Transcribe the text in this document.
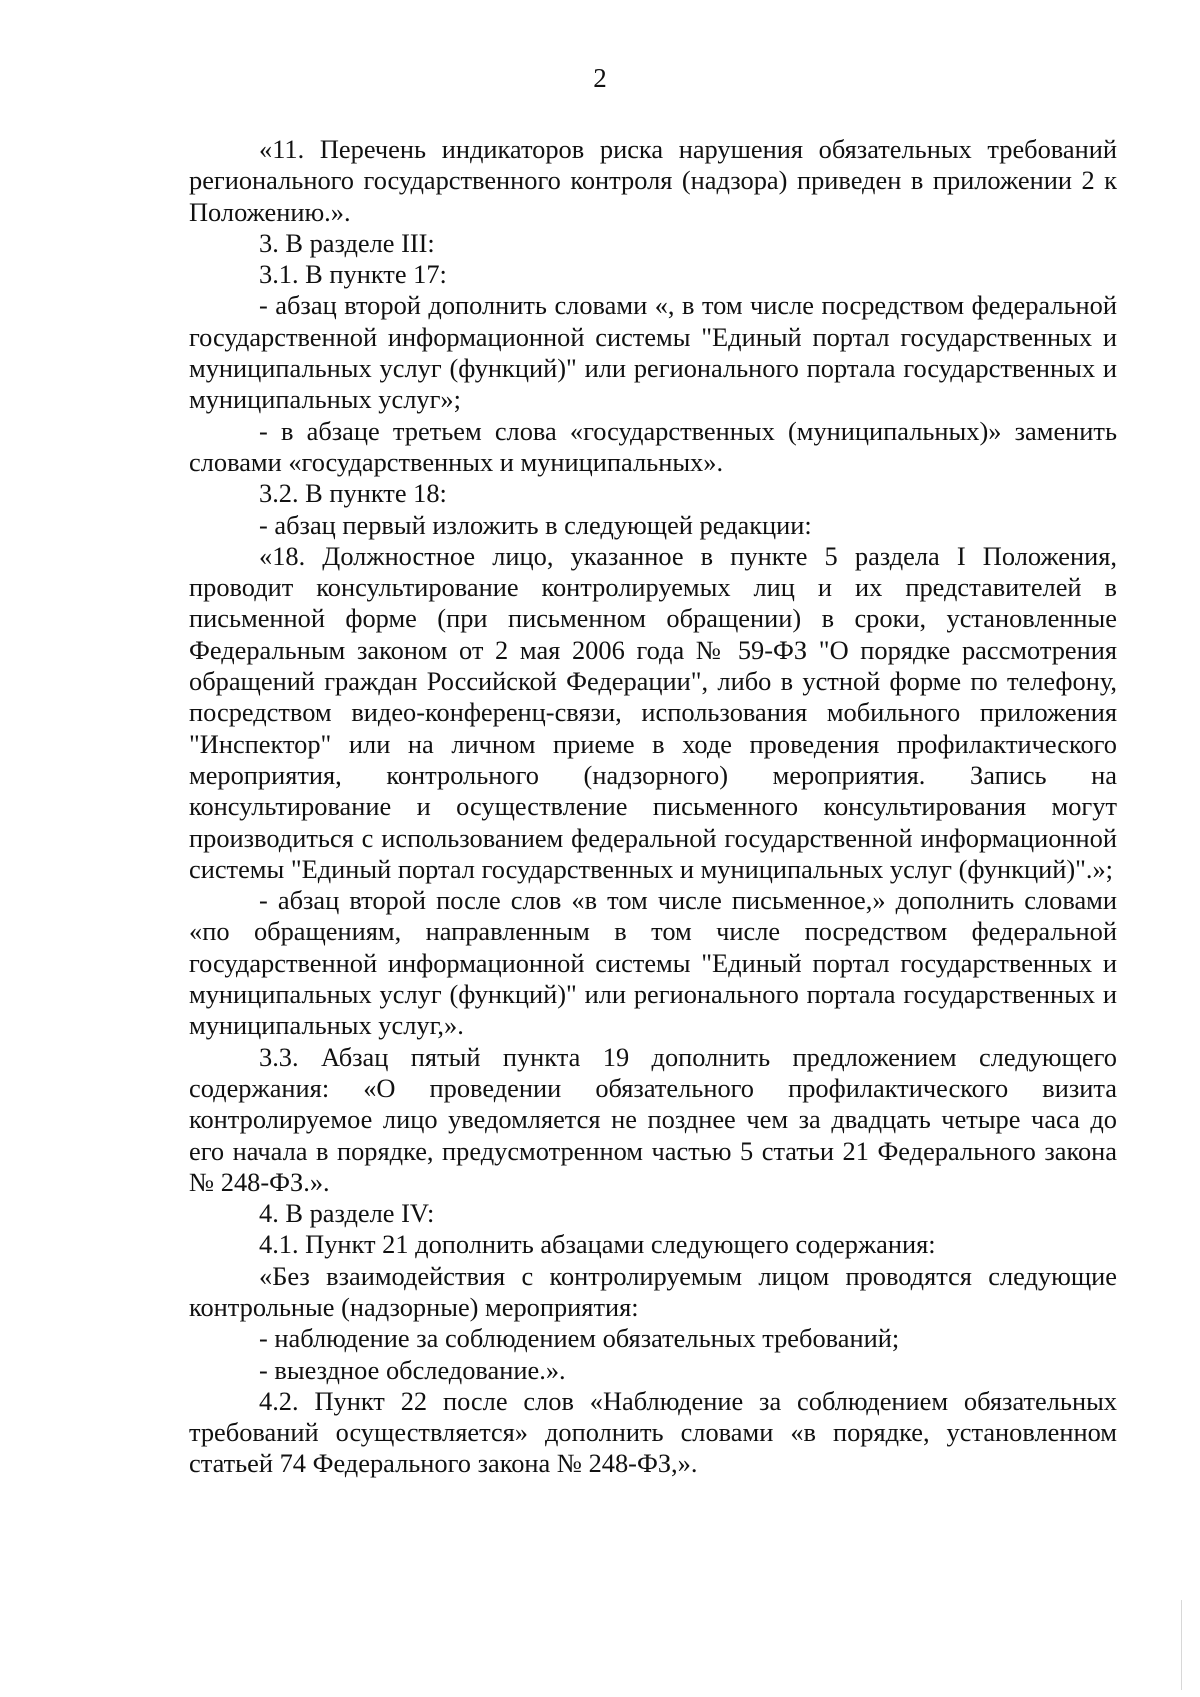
2

«11. Перечень индикаторов риска нарушения обязательных требований регионального государственного контроля (надзора) приведен в приложении 2 к Положению.».

3. В разделе III:

3.1. В пункте 17:

- абзац второй дополнить словами «, в том числе посредством федеральной государственной информационной системы "Единый портал государственных и муниципальных услуг (функций)" или регионального портала государственных и муниципальных услуг»;

- в абзаце третьем слова «государственных (муниципальных)» заменить словами «государственных и муниципальных».

3.2. В пункте 18:

- абзац первый изложить в следующей редакции:

«18. Должностное лицо, указанное в пункте 5 раздела I Положения, проводит консультирование контролируемых лиц и их представителей в письменной форме (при письменном обращении) в сроки, установленные Федеральным законом от 2 мая 2006 года № 59-ФЗ "О порядке рассмотрения обращений граждан Российской Федерации", либо в устной форме по телефону, посредством видео-конференц-связи, использования мобильного приложения "Инспектор" или на личном приеме в ходе проведения профилактического мероприятия, контрольного (надзорного) мероприятия. Запись на консультирование и осуществление письменного консультирования могут производиться с использованием федеральной государственной информационной системы "Единый портал государственных и муниципальных услуг (функций)".»;

- абзац второй после слов «в том числе письменное,» дополнить словами «по обращениям, направленным в том числе посредством федеральной государственной информационной системы "Единый портал государственных и муниципальных услуг (функций)" или регионального портала государственных и муниципальных услуг,».

3.3. Абзац пятый пункта 19 дополнить предложением следующего содержания: «О проведении обязательного профилактического визита контролируемое лицо уведомляется не позднее чем за двадцать четыре часа до его начала в порядке, предусмотренном частью 5 статьи 21 Федерального закона № 248-ФЗ.».

4. В разделе IV:

4.1. Пункт 21 дополнить абзацами следующего содержания:

«Без взаимодействия с контролируемым лицом проводятся следующие контрольные (надзорные) мероприятия:

- наблюдение за соблюдением обязательных требований;

- выездное обследование.».

4.2. Пункт 22 после слов «Наблюдение за соблюдением обязательных требований осуществляется» дополнить словами «в порядке, установленном статьей 74 Федерального закона № 248-ФЗ,».
